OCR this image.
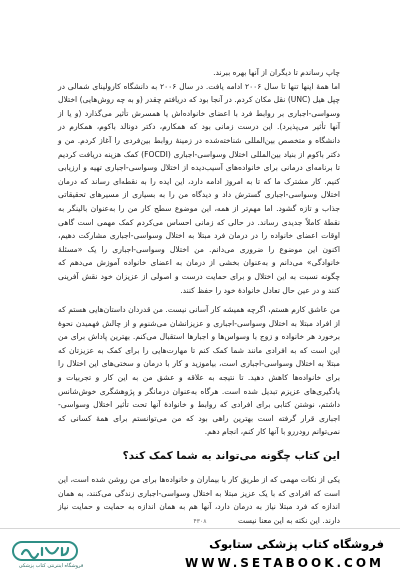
چاپ رساندم تا دیگران از آنها بهره ببرند.

اما همهٔ اینها تنها تا سال ۲۰۰۶ ادامه یافت. در سال ۲۰۰۶ به دانشگاه کارولینای شمالی در چپل هیل (UNC) نقل مکان کردم. در آنجا بود که دریافتم چقدر (و به چه روش‌هایی) اختلال وسواسی-اجباری بر روابط فرد با اعضای خانواده‌اش یا همسرش تأثیر می‌گذارد (و یا از آنها تأثیر می‌پذیرد). این درست زمانی بود که همکارم، دکتر دونالد باکوم، همکارم در دانشگاه و متخصص بین‌المللی شناخته‌شده در زمینهٔ روابط بین‌فردی را آغاز کردم. من و دکتر باکوم از بنیاد بین‌المللی اختلال وسواسی-اجباری (FOCDI) کمک هزینه دریافت کردیم تا برنامه‌ای درمانی برای خانواده‌های آسیب‌دیده از اختلال وسواسی-اجباری تهیه و ارزیابی کنیم. کار مشترک ما که تا به امروز ادامه دارد، این ایده را به نقطه‌ای رساند که درمان اختلال وسواسی-اجباری گسترش داد و دیدگاه من را به بسیاری از مسیرهای تحقیقاتی جذاب و تازه گشود. اما مهم‌تر از همه، این موضوع سطح کار من را به‌عنوان بالینگر به نقطهٔ کاملاً جدیدی رساند. در حالی که زمانی احساس می‌کردم کمک مهمی است گاهی اوقات اعضای خانواده را در درمان فرد مبتلا به اختلال وسواسی-اجباری مشارکت دهیم، اکنون این موضوع را ضروری می‌دانم. من اختلال وسواسی-اجباری را یک «مسئلهٔ خانوادگی» می‌دانم و به‌عنوان بخشی از درمان به اعضای خانواده آموزش می‌دهم که چگونه نسبت به این اختلال و برای حمایت درست و اصولی از عزیزان خود نقش آفرینی کنند و در عین حال تعادل خانوادهٔ خود را حفظ کنند.

من عاشق کارم هستم، اگرچه همیشه کار آسانی نیست. من قدردان داستان‌هایی هستم که از افراد مبتلا به اختلال وسواسی-اجباری و عزیزانشان می‌شنوم و از چالش فهمیدن نحوهٔ برخورد هر خانواده و زوج با وسواس‌ها و اجبارها استقبال می‌کنم. بهترین پاداش برای من این است که به افرادی مانند شما کمک کنم تا مهارت‌هایی را برای کمک به عزیزتان که مبتلا به اختلال وسواسی-اجباری است، بیاموزید و کار با درمان و سختی‌های این اختلال را برای خانواده‌ها کاهش دهید. تا نتیجه به علاقه و عشق من به این کار و تجربیات و یادگیری‌های عزیزم تبدیل شده است. هرگاه به‌عنوان درمانگر و پژوهشگری خوش‌شانس داشتم، نوشتن کتابی برای افرادی که روابط و خانوادهٔ آنها تحت تأثیر اختلال وسواسی-اجباری قرار گرفته است بهترین راهی بود که من می‌توانستم برای همهٔ کسانی که نمی‌توانم رودررو با آنها کار کنم، انجام دهم.

این کتاب چگونه می‌تواند به شما کمک کند؟

یکی از نکات مهمی که از طریق کار با بیماران و خانواده‌ها برای من روشن شده است، این است که افرادی که با یک عزیز مبتلا به اختلال وسواسی-اجباری زندگی می‌کنند، به همان اندازه که فرد مبتلا نیاز به درمان دارد، آنها هم به همان اندازه به حمایت و حمایت نیاز دارند. این نکته به این معنا نیست

۴۳۰۸
فروشگاه اینترنتی کتاب پزشکی
فروشگاه کتاب پزشکی ستابوک
WWW.SETABOOK.COM
